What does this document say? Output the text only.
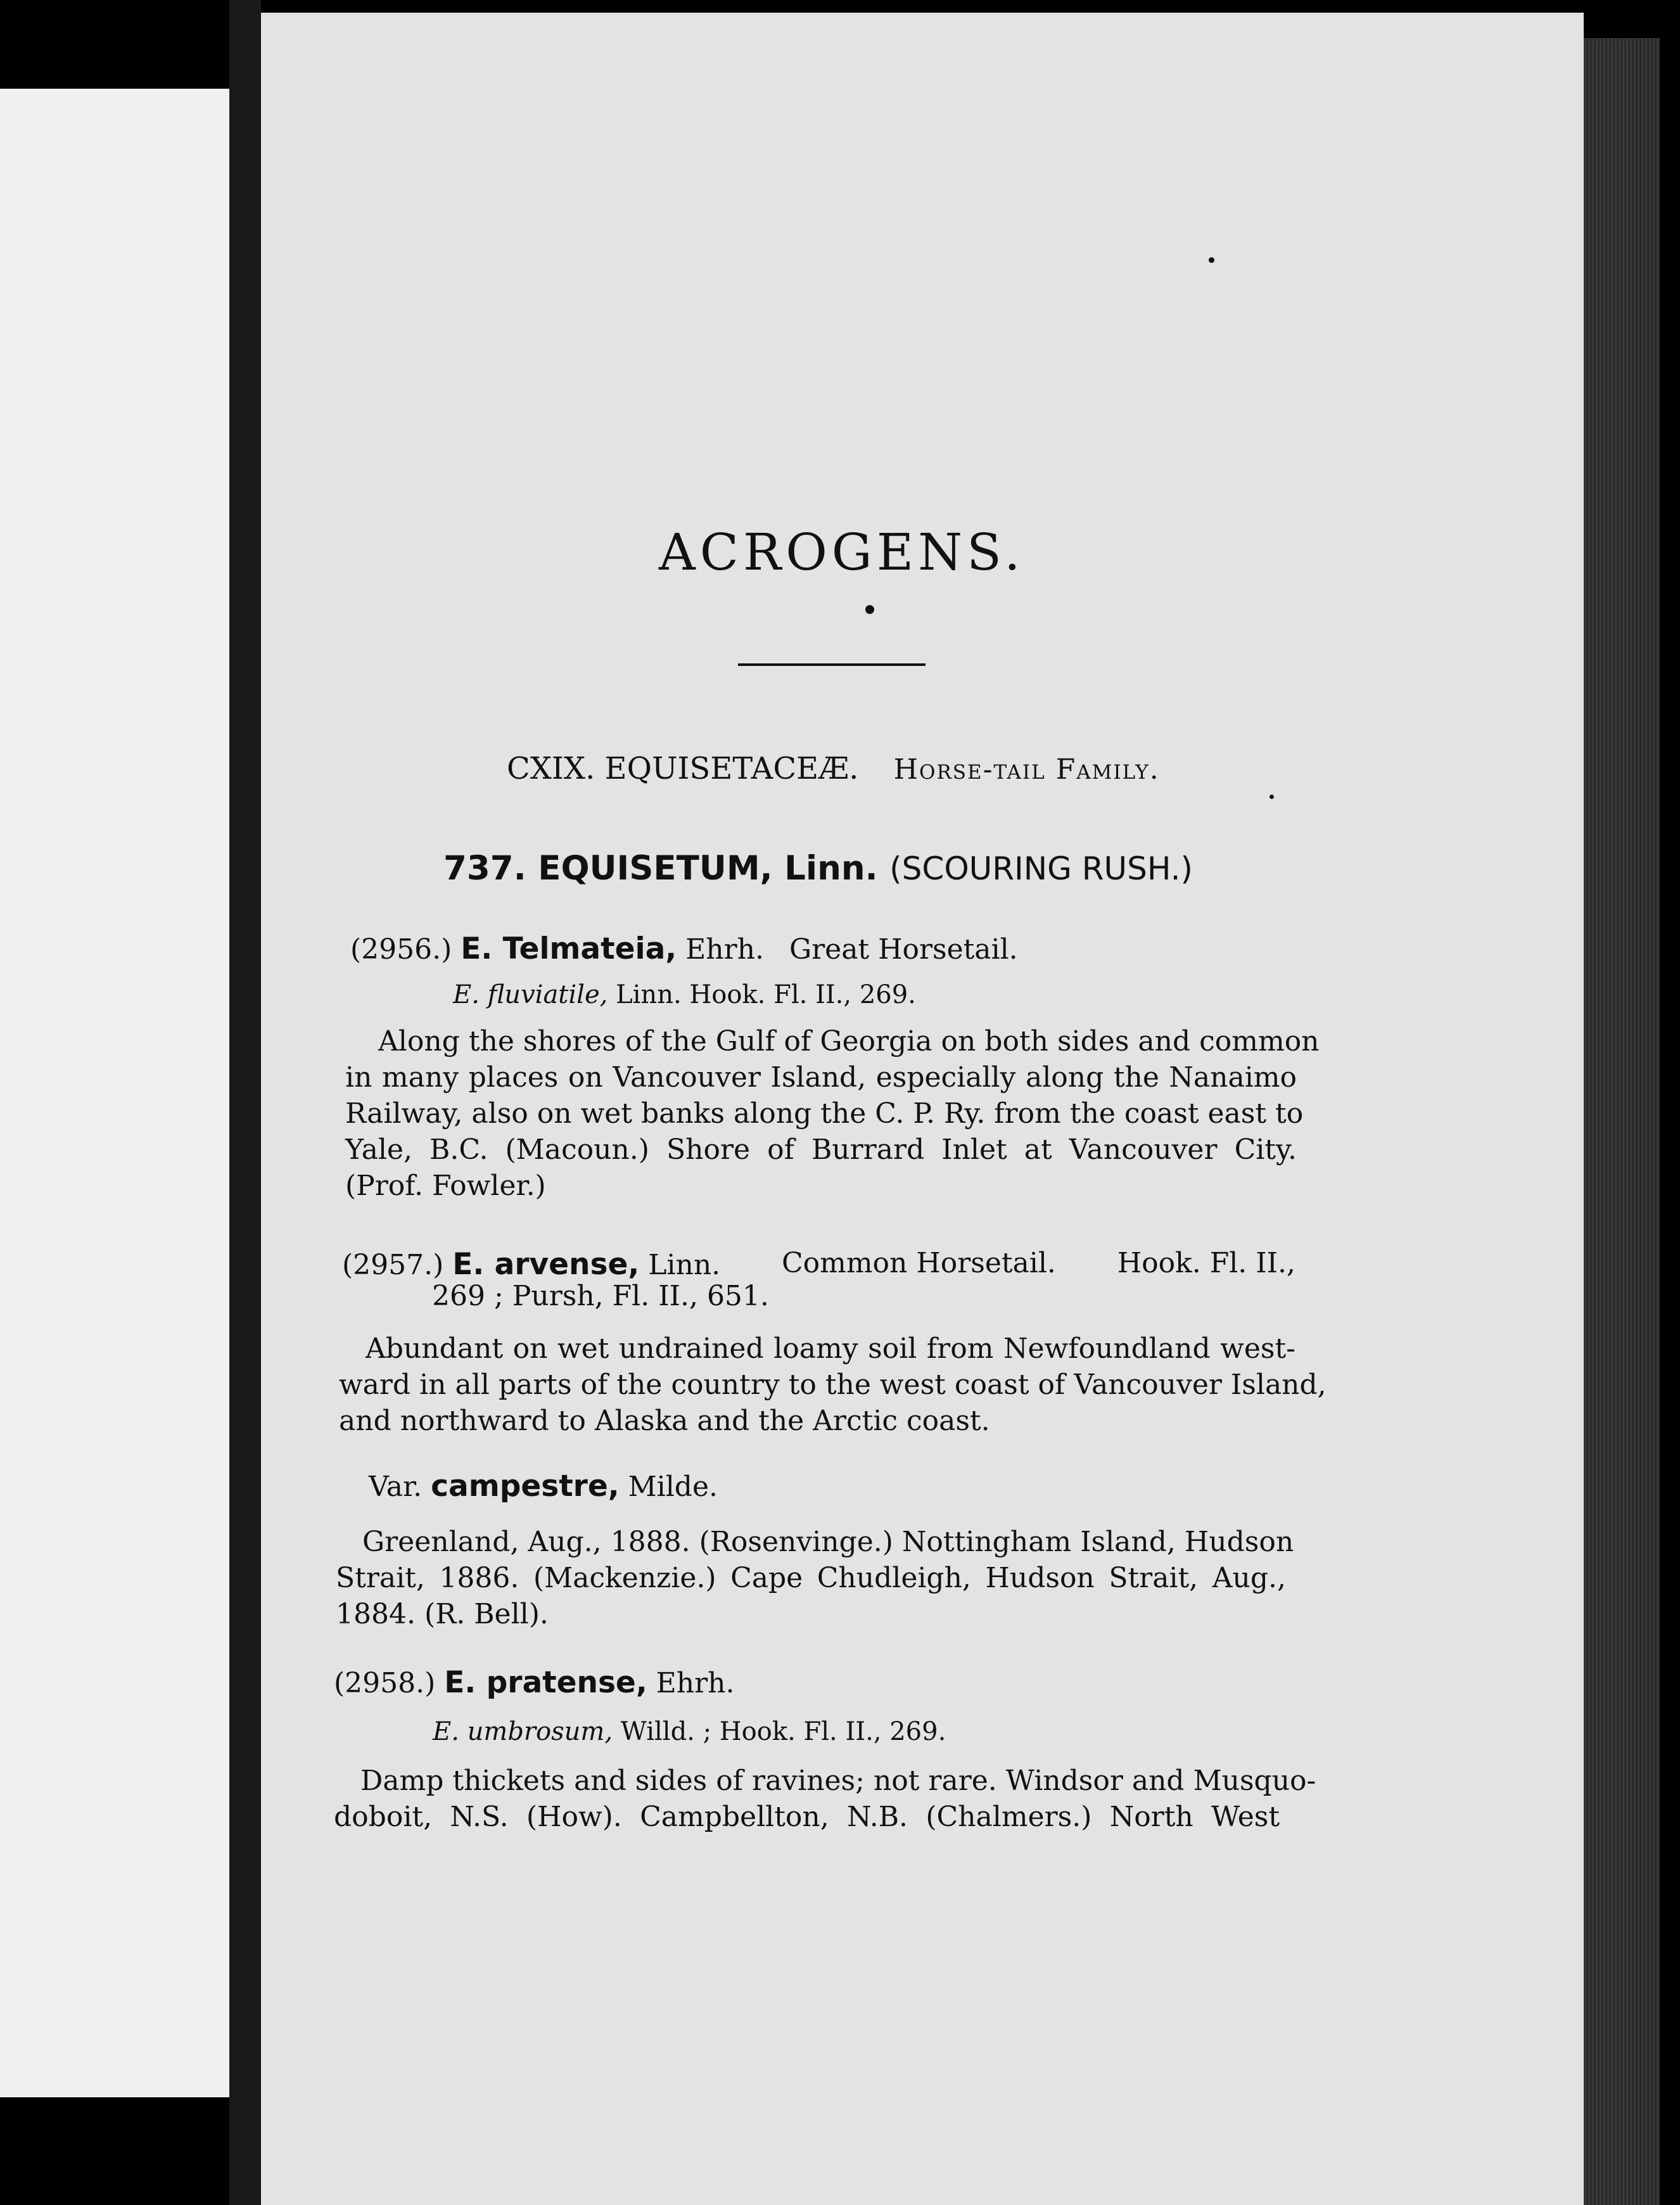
ACROGENS.
CXIX. EQUISETACEÆ. Horse-tail Family.
737. EQUISETUM, Linn. (SCOURING RUSH.)
(2956.) E. Telmateia, Ehrh. Great Horsetail.
E. fluviatile, Linn. Hook. Fl. II., 269.
Along the shores of the Gulf of Georgia on both sides and common
in many places on Vancouver Island, especially along the Nanaimo
Railway, also on wet banks along the C. P. Ry. from the coast east to
Yale, B.C. (Macoun.) Shore of Burrard Inlet at Vancouver City.
(Prof. Fowler.)
(2957.) E. arvense, Linn. Common Horsetail. Hook. Fl. II.,
269 ; Pursh, Fl. II., 651.
Abundant on wet undrained loamy soil from Newfoundland west-
ward in all parts of the country to the west coast of Vancouver Island,
and northward to Alaska and the Arctic coast.
Var. campestre, Milde.
Greenland, Aug., 1888. (Rosenvinge.) Nottingham Island, Hudson
Strait, 1886. (Mackenzie.) Cape Chudleigh, Hudson Strait, Aug.,
1884. (R. Bell).
(2958.) E. pratense, Ehrh.
E. umbrosum, Willd. ; Hook. Fl. II., 269.
Damp thickets and sides of ravines; not rare. Windsor and Musquo-
doboit, N.S. (How). Campbellton, N.B. (Chalmers.) North West
